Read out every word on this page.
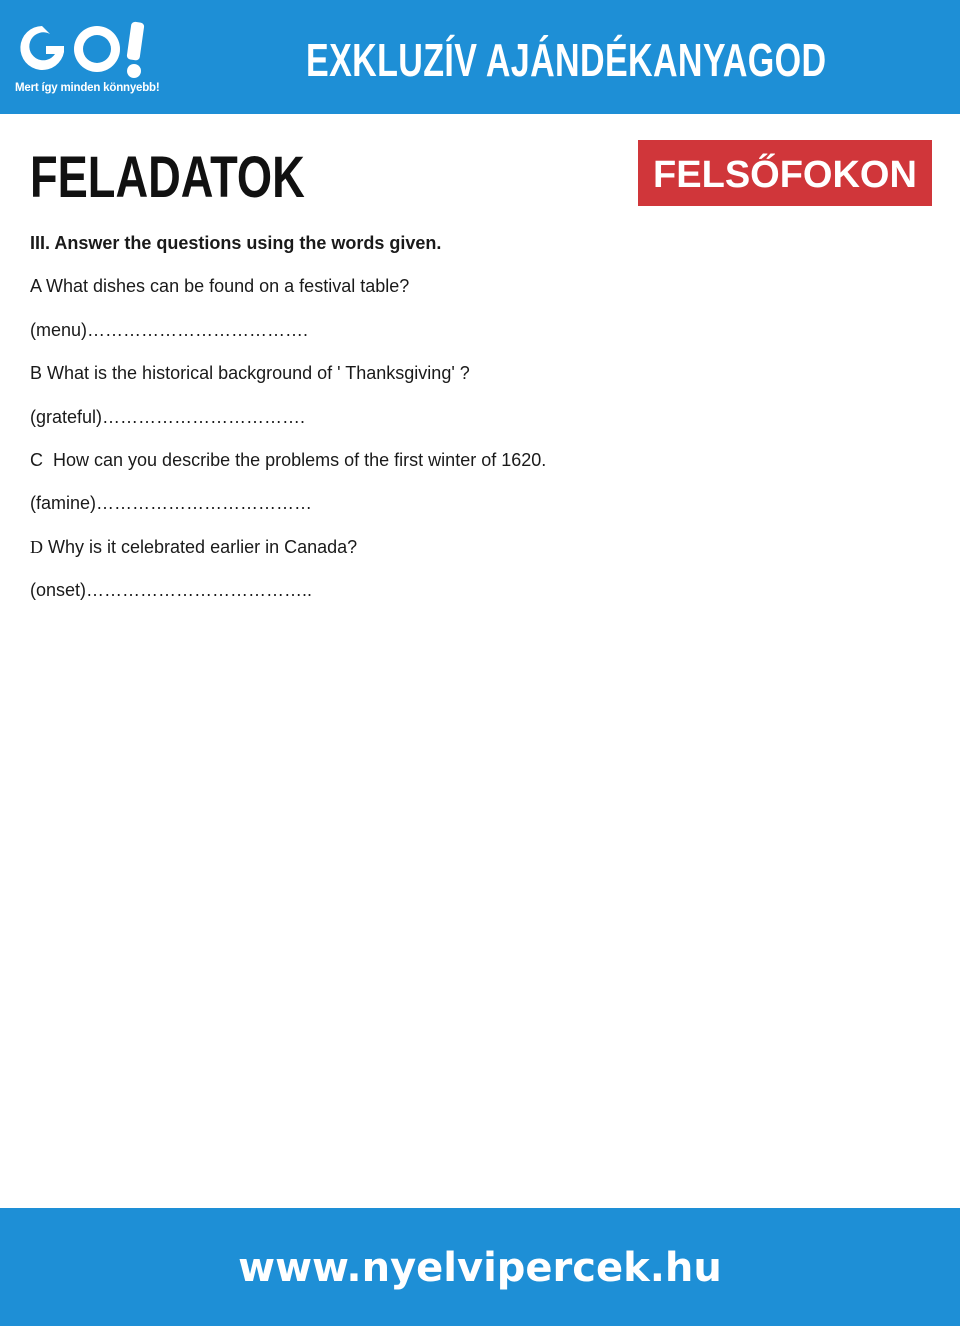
Mert így minden könnyebb!
EXKLUZÍV AJÁNDÉKANYAGOD
FELADATOK	FELSŐFOKON

III. Answer the questions using the words given.

A What dishes can be found on a festival table?

(menu)……………………………….

B What is the historical background of ' Thanksgiving' ?

(grateful)…………………………….

C  How can you describe the problems of the first winter of 1620.

(famine)………………………………

D Why is it celebrated earlier in Canada?

(onset)………………………………..

www.nyelvipercek.hu
